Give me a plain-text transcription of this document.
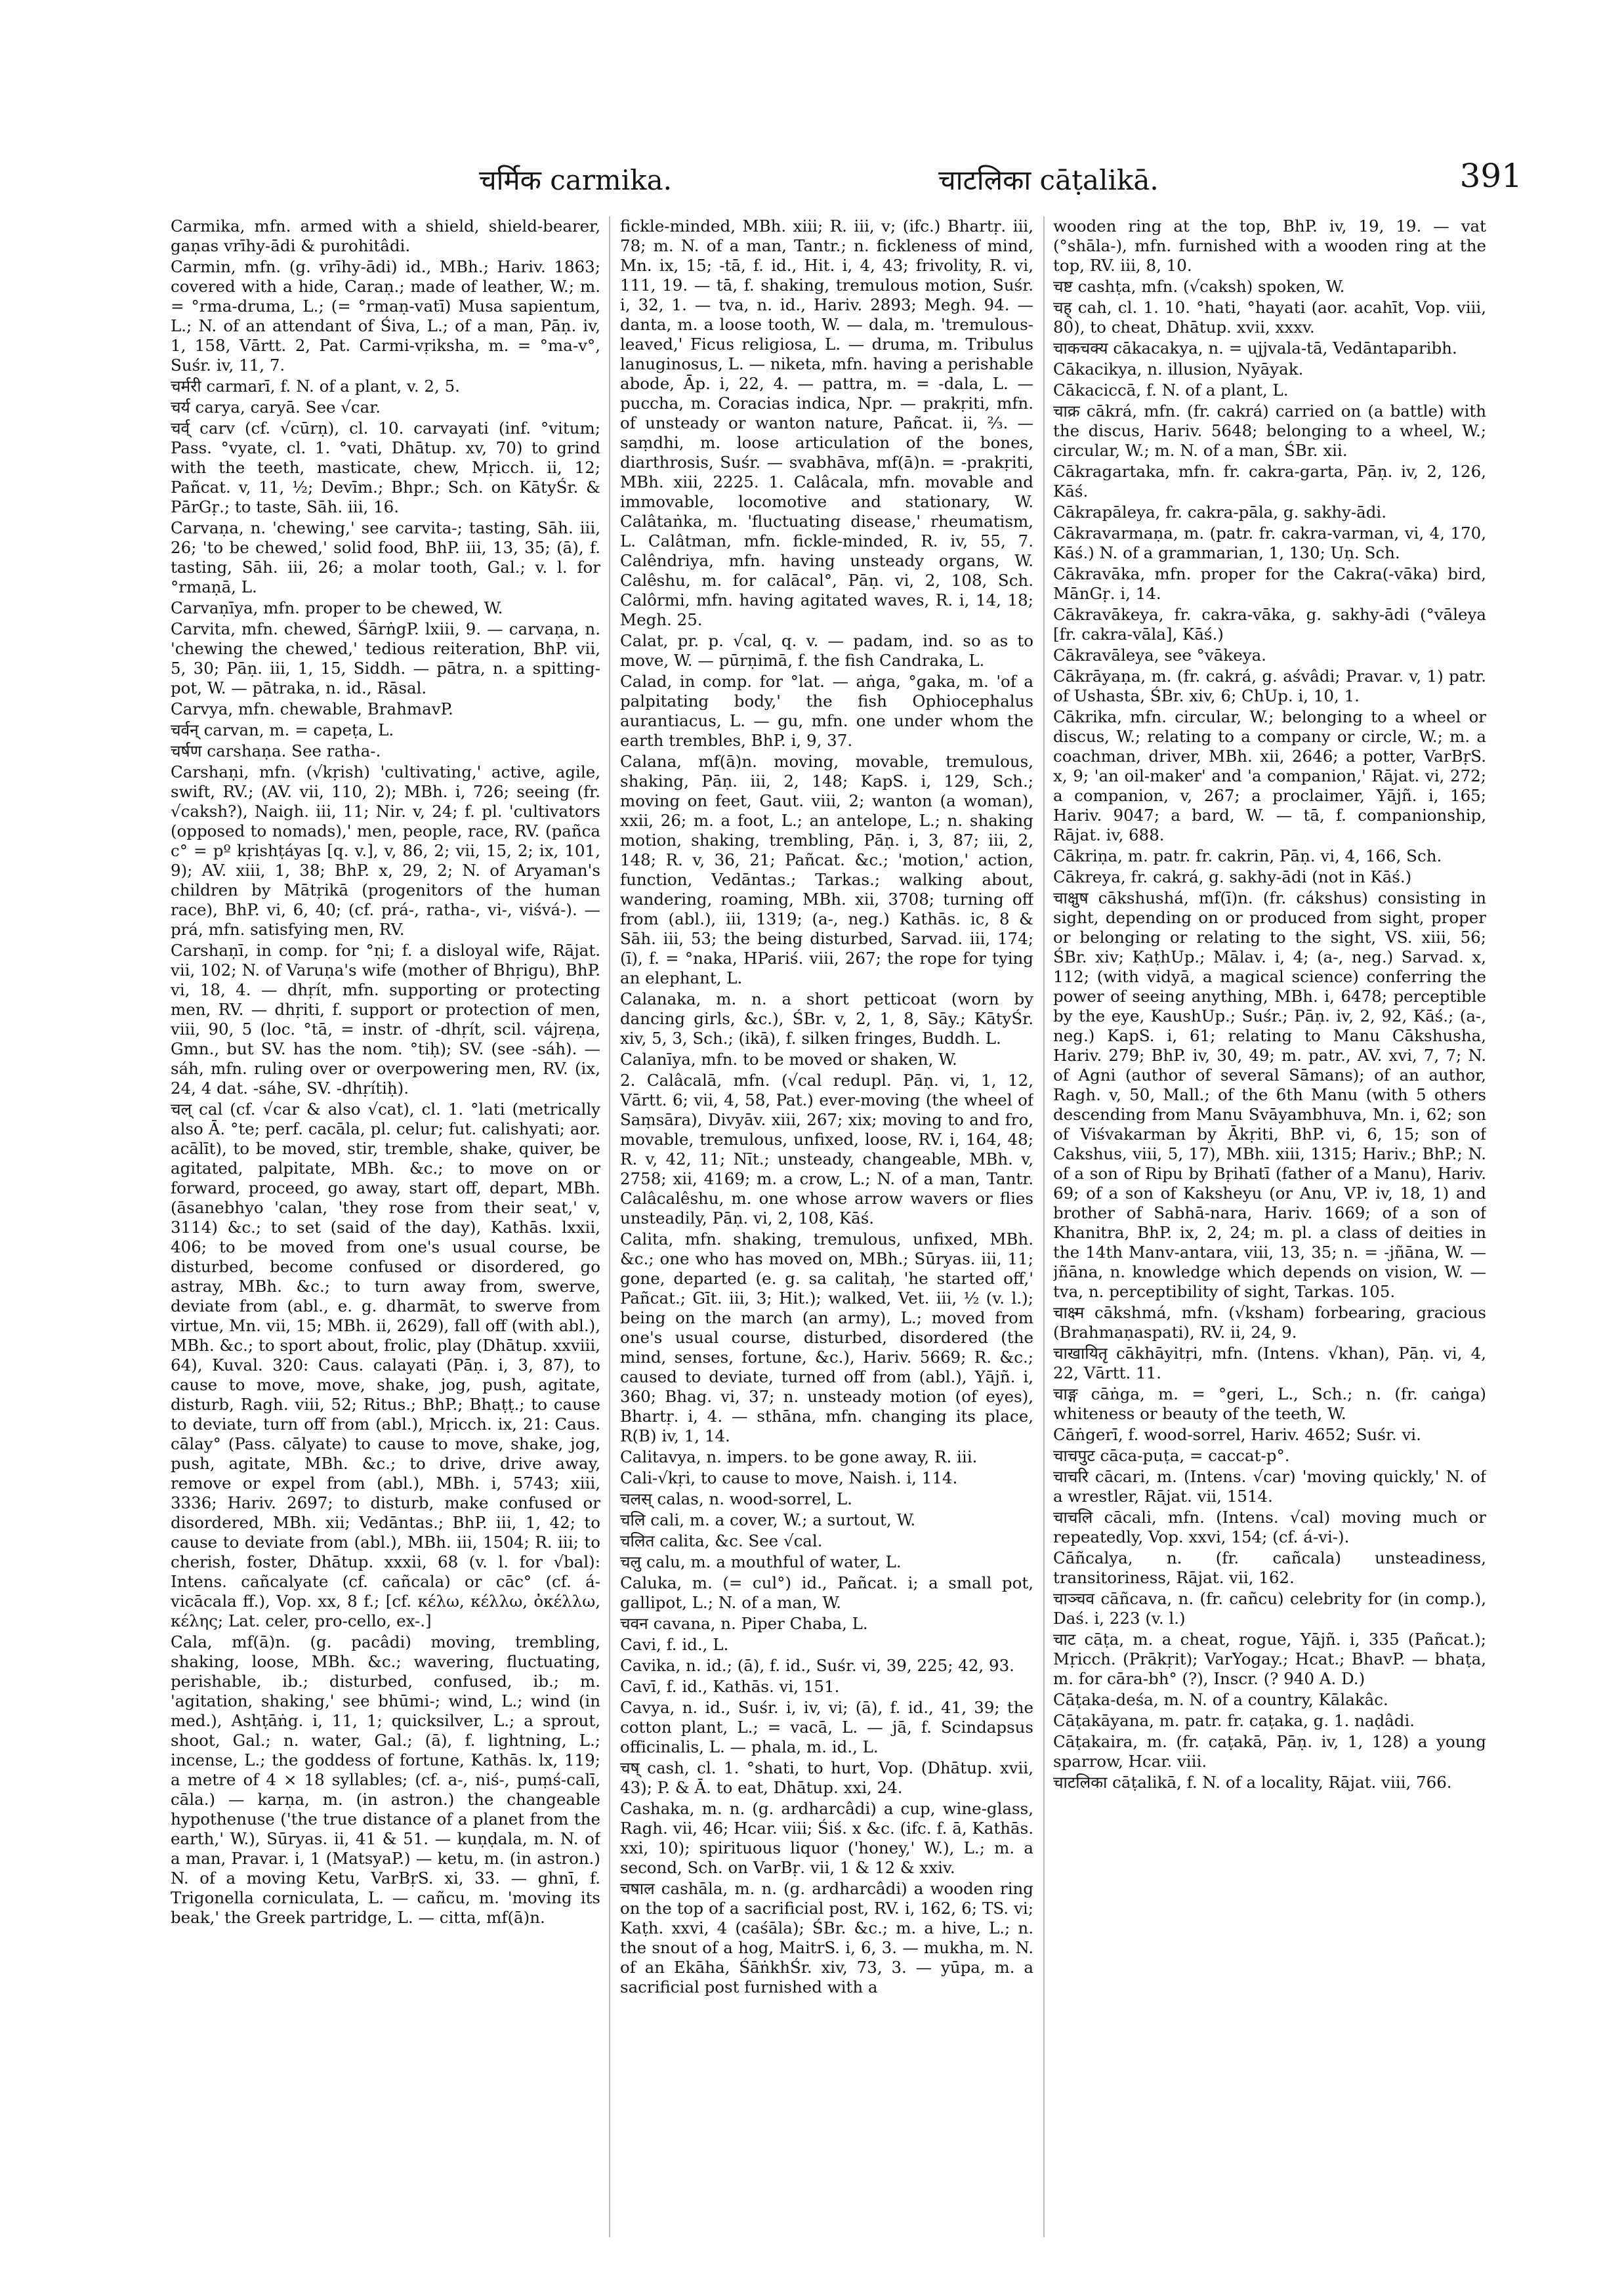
चर्मिक carmika.	चाटलिका cāṭalikā.	391

Carmika, mfn. armed with a shield, shield-bearer, gaṇas vrīhy-ādi & purohitâdi.

Carmin, mfn. (g. vrīhy-ādi) id., MBh.; Hariv. 1863; covered with a hide, Caraṇ.; made of leather, W.; m. = °rma-druma, L.; (= °rmaṇ-vatī) Musa sapientum, L.; N. of an attendant of Śiva, L.; of a man, Pāṇ. iv, 1, 158, Vārtt. 2, Pat. Carmi-vṛiksha, m. = °ma-v°, Suśr. iv, 11, 7.

चर्मरी carmarī, f. N. of a plant, v. 2, 5.

चर्य carya, caryā. See √car.

चर्व् carv (cf. √cūrṇ), cl. 10. carvayati (inf. °vitum; Pass. °vyate, cl. 1. °vati, Dhātup. xv, 70) to grind with the teeth, masticate, chew, Mṛicch. ii, 12; Pañcat. v, 11, ½; Devīm.; Bhpr.; Sch. on KātyŚr. & PārGṛ.; to taste, Sāh. iii, 16.

Carvaṇa, n. 'chewing,' see carvita-; tasting, Sāh. iii, 26; 'to be chewed,' solid food, BhP. iii, 13, 35; (ā), f. tasting, Sāh. iii, 26; a molar tooth, Gal.; v. l. for °rmaṇā, L.

Carvaṇīya, mfn. proper to be chewed, W.

Carvita, mfn. chewed, ŚārṅgP. lxiii, 9. — carvaṇa, n. 'chewing the chewed,' tedious reiteration, BhP. vii, 5, 30; Pāṇ. iii, 1, 15, Siddh. — pātra, n. a spitting-pot, W. — pātraka, n. id., Rāsal.

Carvya, mfn. chewable, BrahmavP.

चर्वन् carvan, m. = capeṭa, L.

चर्षण carshaṇa. See ratha-.

Carshaṇi, mfn. (√kṛish) 'cultivating,' active, agile, swift, RV.; (AV. vii, 110, 2); MBh. i, 726; seeing (fr. √caksh?), Naigh. iii, 11; Nir. v, 24; f. pl. 'cultivators (opposed to nomads),' men, people, race, RV. (pañca c° = pº kṛishṭáyas [q. v.], v, 86, 2; vii, 15, 2; ix, 101, 9); AV. xiii, 1, 38; BhP. x, 29, 2; N. of Aryaman's children by Mātṛikā (progenitors of the human race), BhP. vi, 6, 40; (cf. prá-, ratha-, vi-, viśvá-). — prá, mfn. satisfying men, RV.

Carshaṇī, in comp. for °ṇi; f. a disloyal wife, Rājat. vii, 102; N. of Varuṇa's wife (mother of Bhṛigu), BhP. vi, 18, 4. — dhṛít, mfn. supporting or protecting men, RV. — dhṛiti, f. support or protection of men, viii, 90, 5 (loc. °tā, = instr. of -dhṛít, scil. vájreṇa, Gmn., but SV. has the nom. °tiḥ); SV. (see -sáh). — sáh, mfn. ruling over or overpowering men, RV. (ix, 24, 4 dat. -sáhe, SV. -dhṛítiḥ).

चल् cal (cf. √car & also √cat), cl. 1. °lati (metrically also Ā. °te; perf. cacāla, pl. celur; fut. calishyati; aor. acālīt), to be moved, stir, tremble, shake, quiver, be agitated, palpitate, MBh. &c.; to move on or forward, proceed, go away, start off, depart, MBh. (āsanebhyo 'calan, 'they rose from their seat,' v, 3114) &c.; to set (said of the day), Kathās. lxxii, 406; to be moved from one's usual course, be disturbed, become confused or disordered, go astray, MBh. &c.; to turn away from, swerve, deviate from (abl., e. g. dharmāt, to swerve from virtue, Mn. vii, 15; MBh. ii, 2629), fall off (with abl.), MBh. &c.; to sport about, frolic, play (Dhātup. xxviii, 64), Kuval. 320: Caus. calayati (Pāṇ. i, 3, 87), to cause to move, move, shake, jog, push, agitate, disturb, Ragh. viii, 52; Ritus.; BhP.; Bhaṭṭ.; to cause to deviate, turn off from (abl.), Mṛicch. ix, 21: Caus. cālay° (Pass. cālyate) to cause to move, shake, jog, push, agitate, MBh. &c.; to drive, drive away, remove or expel from (abl.), MBh. i, 5743; xiii, 3336; Hariv. 2697; to disturb, make confused or disordered, MBh. xii; Vedāntas.; BhP. iii, 1, 42; to cause to deviate from (abl.), MBh. iii, 1504; R. iii; to cherish, foster, Dhātup. xxxii, 68 (v. l. for √bal): Intens. cañcalyate (cf. cañcala) or cāc° (cf. á-vicācala ff.), Vop. xx, 8 f.; [cf. κέλω, κέλλω, ὀκέλλω, κέλης; Lat. celer, pro-cello, ex-.]

Cala, mf(ā)n. (g. pacâdi) moving, trembling, shaking, loose, MBh. &c.; wavering, fluctuating, perishable, ib.; disturbed, confused, ib.; m. 'agitation, shaking,' see bhūmi-; wind, L.; wind (in med.), Ashṭāṅg. i, 11, 1; quicksilver, L.; a sprout, shoot, Gal.; n. water, Gal.; (ā), f. lightning, L.; incense, L.; the goddess of fortune, Kathās. lx, 119; a metre of 4 × 18 syllables; (cf. a-, niś-, puṃś-calī, cāla.) — karṇa, m. (in astron.) the changeable hypothenuse ('the true distance of a planet from the earth,' W.), Sūryas. ii, 41 & 51. — kuṇḍala, m. N. of a man, Pravar. i, 1 (MatsyaP.) — ketu, m. (in astron.) N. of a moving Ketu, VarBṛS. xi, 33. — ghnī, f. Trigonella corniculata, L. — cañcu, m. 'moving its beak,' the Greek partridge, L. — citta, mf(ā)n.

fickle-minded, MBh. xiii; R. iii, v; (ifc.) Bhartṛ. iii, 78; m. N. of a man, Tantr.; n. fickleness of mind, Mn. ix, 15; -tā, f. id., Hit. i, 4, 43; frivolity, R. vi, 111, 19. — tā, f. shaking, tremulous motion, Suśr. i, 32, 1. — tva, n. id., Hariv. 2893; Megh. 94. — danta, m. a loose tooth, W. — dala, m. 'tremulous-leaved,' Ficus religiosa, L. — druma, m. Tribulus lanuginosus, L. — niketa, mfn. having a perishable abode, Āp. i, 22, 4. — pattra, m. = -dala, L. — puccha, m. Coracias indica, Npr. — prakṛiti, mfn. of unsteady or wanton nature, Pañcat. ii, ⅔. — saṃdhi, m. loose articulation of the bones, diarthrosis, Suśr. — svabhāva, mf(ā)n. = -prakṛiti, MBh. xiii, 2225. 1. Calâcala, mfn. movable and immovable, locomotive and stationary, W. Calâtaṅka, m. 'fluctuating disease,' rheumatism, L. Calâtman, mfn. fickle-minded, R. iv, 55, 7. Calêndriya, mfn. having unsteady organs, W. Calêshu, m. for calācal°, Pāṇ. vi, 2, 108, Sch. Calôrmi, mfn. having agitated waves, R. i, 14, 18; Megh. 25.

Calat, pr. p. √cal, q. v. — padam, ind. so as to move, W. — pūrṇimā, f. the fish Candraka, L.

Calad, in comp. for °lat. — aṅga, °gaka, m. 'of a palpitating body,' the fish Ophiocephalus aurantiacus, L. — gu, mfn. one under whom the earth trembles, BhP. i, 9, 37.

Calana, mf(ā)n. moving, movable, tremulous, shaking, Pāṇ. iii, 2, 148; KapS. i, 129, Sch.; moving on feet, Gaut. viii, 2; wanton (a woman), xxii, 26; m. a foot, L.; an antelope, L.; n. shaking motion, shaking, trembling, Pāṇ. i, 3, 87; iii, 2, 148; R. v, 36, 21; Pañcat. &c.; 'motion,' action, function, Vedāntas.; Tarkas.; walking about, wandering, roaming, MBh. xii, 3708; turning off from (abl.), iii, 1319; (a-, neg.) Kathās. ic, 8 & Sāh. iii, 53; the being disturbed, Sarvad. iii, 174; (ī), f. = °naka, HPariś. viii, 267; the rope for tying an elephant, L.

Calanaka, m. n. a short petticoat (worn by dancing girls, &c.), ŚBr. v, 2, 1, 8, Sāy.; KātyŚr. xiv, 5, 3, Sch.; (ikā), f. silken fringes, Buddh. L.

Calanīya, mfn. to be moved or shaken, W.

2. Calâcalā, mfn. (√cal redupl. Pāṇ. vi, 1, 12, Vārtt. 6; vii, 4, 58, Pat.) ever-moving (the wheel of Saṃsāra), Divyāv. xiii, 267; xix; moving to and fro, movable, tremulous, unfixed, loose, RV. i, 164, 48; R. v, 42, 11; Nīt.; unsteady, changeable, MBh. v, 2758; xii, 4169; m. a crow, L.; N. of a man, Tantr. Calâcalêshu, m. one whose arrow wavers or flies unsteadily, Pāṇ. vi, 2, 108, Kāś.

Calita, mfn. shaking, tremulous, unfixed, MBh. &c.; one who has moved on, MBh.; Sūryas. iii, 11; gone, departed (e. g. sa calitaḥ, 'he started off,' Pañcat.; Gīt. iii, 3; Hit.); walked, Vet. iii, ½ (v. l.); being on the march (an army), L.; moved from one's usual course, disturbed, disordered (the mind, senses, fortune, &c.), Hariv. 5669; R. &c.; caused to deviate, turned off from (abl.), Yājñ. i, 360; Bhag. vi, 37; n. unsteady motion (of eyes), Bhartṛ. i, 4. — sthāna, mfn. changing its place, R(B) iv, 1, 14.

Calitavya, n. impers. to be gone away, R. iii.

Cali-√kṛi, to cause to move, Naish. i, 114.

चलस् calas, n. wood-sorrel, L.

चलि cali, m. a cover, W.; a surtout, W.

चलित calita, &c. See √cal.

चलु calu, m. a mouthful of water, L.

Caluka, m. (= cul°) id., Pañcat. i; a small pot, gallipot, L.; N. of a man, W.

चवन cavana, n. Piper Chaba, L.

Cavi, f. id., L.

Cavika, n. id.; (ā), f. id., Suśr. vi, 39, 225; 42, 93.

Cavī, f. id., Kathās. vi, 151.

Cavya, n. id., Suśr. i, iv, vi; (ā), f. id., 41, 39; the cotton plant, L.; = vacā, L. — jā, f. Scindapsus officinalis, L. — phala, m. id., L.

चष् cash, cl. 1. °shati, to hurt, Vop. (Dhātup. xvii, 43); P. & Ā. to eat, Dhātup. xxi, 24.

Cashaka, m. n. (g. ardharcâdi) a cup, wine-glass, Ragh. vii, 46; Hcar. viii; Śiś. x &c. (ifc. f. ā, Kathās. xxi, 10); spirituous liquor ('honey,' W.), L.; m. a second, Sch. on VarBṛ. vii, 1 & 12 & xxiv.

चषाल cashāla, m. n. (g. ardharcâdi) a wooden ring on the top of a sacrificial post, RV. i, 162, 6; TS. vi; Kaṭh. xxvi, 4 (caśāla); ŚBr. &c.; m. a hive, L.; n. the snout of a hog, MaitrS. i, 6, 3. — mukha, m. N. of an Ekāha, ŚāṅkhŚr. xiv, 73, 3. — yūpa, m. a sacrificial post furnished with a

wooden ring at the top, BhP. iv, 19, 19. — vat (°shāla-), mfn. furnished with a wooden ring at the top, RV. iii, 8, 10.

चष्ट cashṭa, mfn. (√caksh) spoken, W.

चह् cah, cl. 1. 10. °hati, °hayati (aor. acahīt, Vop. viii, 80), to cheat, Dhātup. xvii, xxxv.

चाकचक्य cākacakya, n. = ujjvala-tā, Vedāntaparibh.

Cākacikya, n. illusion, Nyāyak.

Cākaciccā, f. N. of a plant, L.

चाक्र cākrá, mfn. (fr. cakrá) carried on (a battle) with the discus, Hariv. 5648; belonging to a wheel, W.; circular, W.; m. N. of a man, ŚBr. xii.

Cākragartaka, mfn. fr. cakra-garta, Pāṇ. iv, 2, 126, Kāś.

Cākrapāleya, fr. cakra-pāla, g. sakhy-ādi.

Cākravarmaṇa, m. (patr. fr. cakra-varman, vi, 4, 170, Kāś.) N. of a grammarian, 1, 130; Uṇ. Sch.

Cākravāka, mfn. proper for the Cakra(-vāka) bird, MānGṛ. i, 14.

Cākravākeya, fr. cakra-vāka, g. sakhy-ādi (°vāleya [fr. cakra-vāla], Kāś.)

Cākravāleya, see °vākeya.

Cākrāyaṇa, m. (fr. cakrá, g. aśvâdi; Pravar. v, 1) patr. of Ushasta, ŚBr. xiv, 6; ChUp. i, 10, 1.

Cākrika, mfn. circular, W.; belonging to a wheel or discus, W.; relating to a company or circle, W.; m. a coachman, driver, MBh. xii, 2646; a potter, VarBṛS. x, 9; 'an oil-maker' and 'a companion,' Rājat. vi, 272; a companion, v, 267; a proclaimer, Yājñ. i, 165; Hariv. 9047; a bard, W. — tā, f. companionship, Rājat. iv, 688.

Cākriṇa, m. patr. fr. cakrin, Pāṇ. vi, 4, 166, Sch.

Cākreya, fr. cakrá, g. sakhy-ādi (not in Kāś.)

चाक्षुष cākshushá, mf(ī)n. (fr. cákshus) consisting in sight, depending on or produced from sight, proper or belonging or relating to the sight, VS. xiii, 56; ŚBr. xiv; KaṭhUp.; Mālav. i, 4; (a-, neg.) Sarvad. x, 112; (with vidyā, a magical science) conferring the power of seeing anything, MBh. i, 6478; perceptible by the eye, KaushUp.; Suśr.; Pāṇ. iv, 2, 92, Kāś.; (a-, neg.) KapS. i, 61; relating to Manu Cākshusha, Hariv. 279; BhP. iv, 30, 49; m. patr., AV. xvi, 7, 7; N. of Agni (author of several Sāmans); of an author, Ragh. v, 50, Mall.; of the 6th Manu (with 5 others descending from Manu Svāyambhuva, Mn. i, 62; son of Viśvakarman by Ākṛiti, BhP. vi, 6, 15; son of Cakshus, viii, 5, 17), MBh. xiii, 1315; Hariv.; BhP.; N. of a son of Ripu by Bṛihatī (father of a Manu), Hariv. 69; of a son of Kaksheyu (or Anu, VP. iv, 18, 1) and brother of Sabhā-nara, Hariv. 1669; of a son of Khanitra, BhP. ix, 2, 24; m. pl. a class of deities in the 14th Manv-antara, viii, 13, 35; n. = -jñāna, W. — jñāna, n. knowledge which depends on vision, W. — tva, n. perceptibility of sight, Tarkas. 105.

चाक्ष्म cākshmá, mfn. (√ksham) forbearing, gracious (Brahmaṇaspati), RV. ii, 24, 9.

चाखायितृ cākhāyitṛi, mfn. (Intens. √khan), Pāṇ. vi, 4, 22, Vārtt. 11.

चाङ्ग cāṅga, m. = °geri, L., Sch.; n. (fr. caṅga) whiteness or beauty of the teeth, W.

Cāṅgerī, f. wood-sorrel, Hariv. 4652; Suśr. vi.

चाचपुट cāca-puṭa, = caccat-p°.

चाचरि cācari, m. (Intens. √car) 'moving quickly,' N. of a wrestler, Rājat. vii, 1514.

चाचलि cācali, mfn. (Intens. √cal) moving much or repeatedly, Vop. xxvi, 154; (cf. á-vi-).

Cāñcalya, n. (fr. cañcala) unsteadiness, transitoriness, Rājat. vii, 162.

चाञ्चव cāñcava, n. (fr. cañcu) celebrity for (in comp.), Daś. i, 223 (v. l.)

चाट cāṭa, m. a cheat, rogue, Yājñ. i, 335 (Pañcat.); Mṛicch. (Prākṛit); VarYogay.; Hcat.; BhavP. — bhaṭa, m. for cāra-bh° (?), Inscr. (? 940 A. D.)

Cāṭaka-deśa, m. N. of a country, Kālakâc.

Cāṭakāyana, m. patr. fr. caṭaka, g. 1. naḍâdi.

Cāṭakaira, m. (fr. caṭakā, Pāṇ. iv, 1, 128) a young sparrow, Hcar. viii.

चाटलिका cāṭalikā, f. N. of a locality, Rājat. viii, 766.
